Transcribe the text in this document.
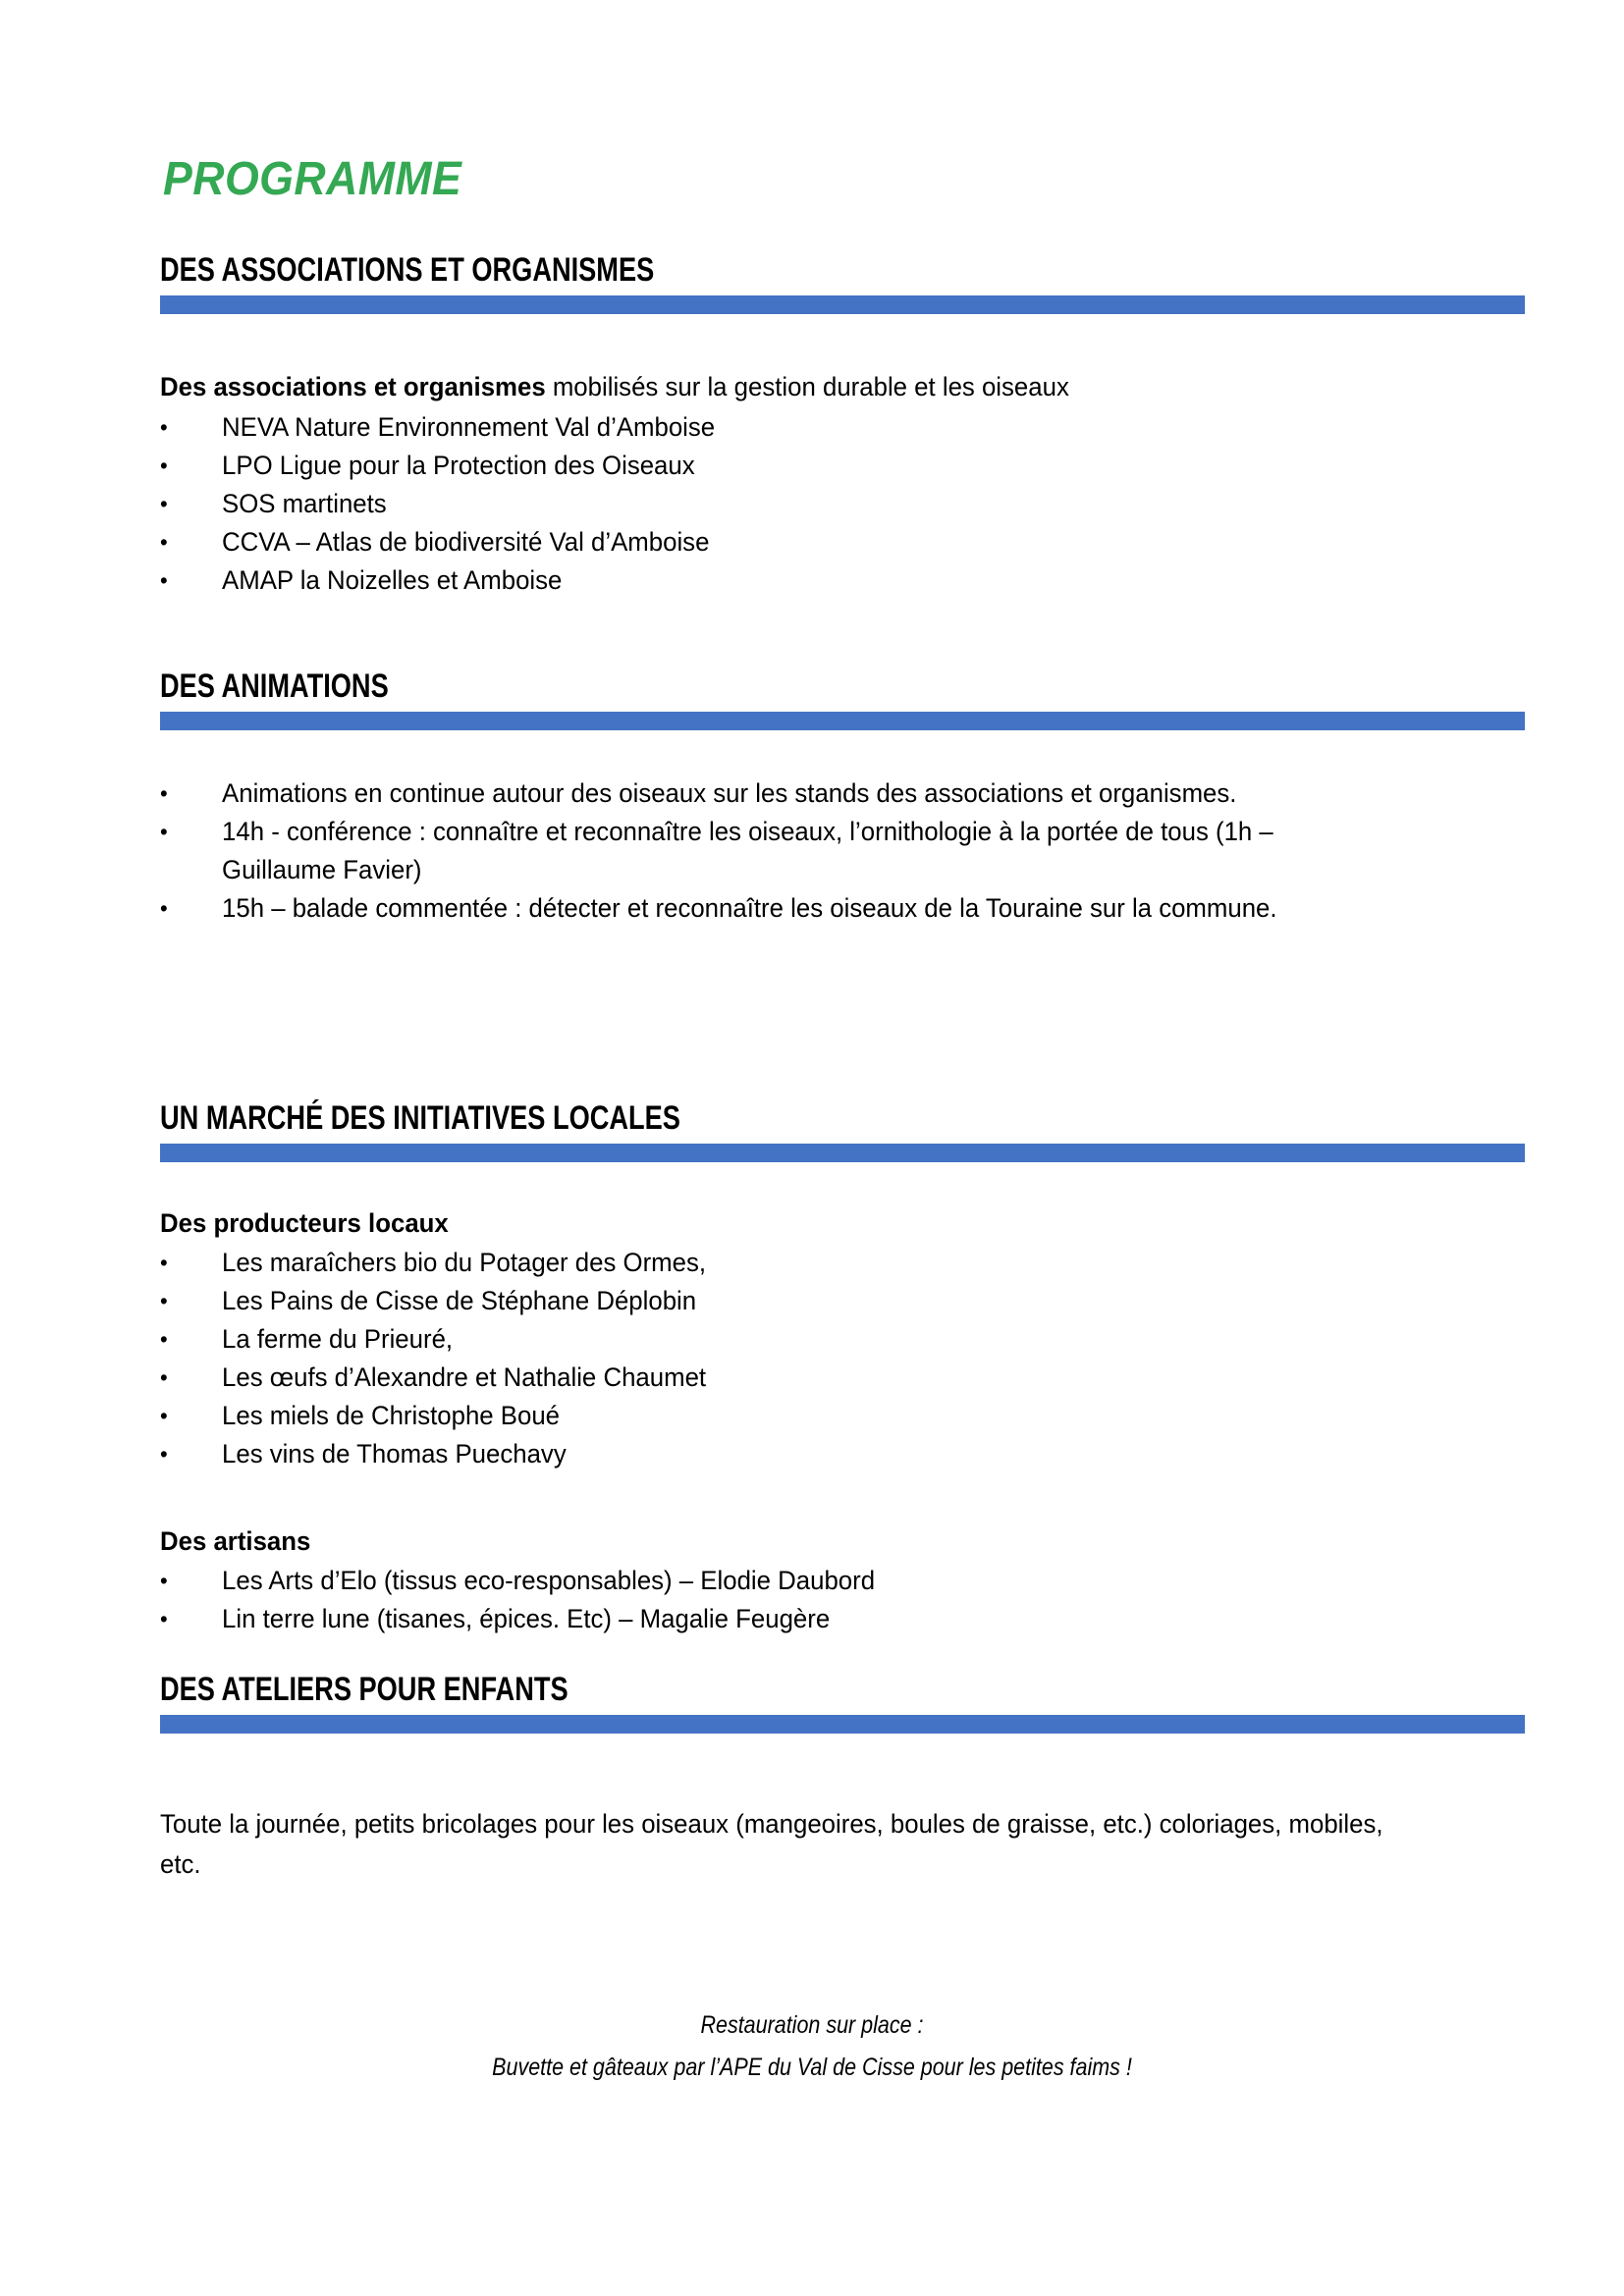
PROGRAMME
DES ASSOCIATIONS ET ORGANISMES
Des associations et organismes mobilisés sur la gestion durable et les oiseaux
•	NEVA Nature Environnement Val d’Amboise
•	LPO Ligue pour la Protection des Oiseaux
•	SOS martinets
•	CCVA – Atlas de biodiversité Val d’Amboise
•	AMAP la Noizelles et Amboise
DES ANIMATIONS
•	Animations en continue autour des oiseaux sur les stands des associations et organismes.
•	14h - conférence : connaître et reconnaître les oiseaux, l’ornithologie à la portée de tous (1h – Guillaume Favier)
•	15h – balade commentée : détecter et reconnaître les oiseaux de la Touraine sur la commune.
UN MARCHÉ DES INITIATIVES LOCALES
Des producteurs locaux
•	Les maraîchers bio du Potager des Ormes,
•	Les Pains de Cisse de Stéphane Déplobin
•	La ferme du Prieuré,
•	Les œufs d’Alexandre et Nathalie Chaumet
•	Les miels de Christophe Boué
•	Les vins de Thomas Puechavy
Des artisans
•	Les Arts d’Elo (tissus eco-responsables) – Elodie Daubord
•	Lin terre lune (tisanes, épices. Etc) – Magalie Feugère
DES ATELIERS POUR ENFANTS
Toute la journée, petits bricolages pour les oiseaux (mangeoires, boules de graisse, etc.) coloriages, mobiles, etc.
Restauration sur place :
Buvette et gâteaux par l’APE du Val de Cisse pour les petites faims !
